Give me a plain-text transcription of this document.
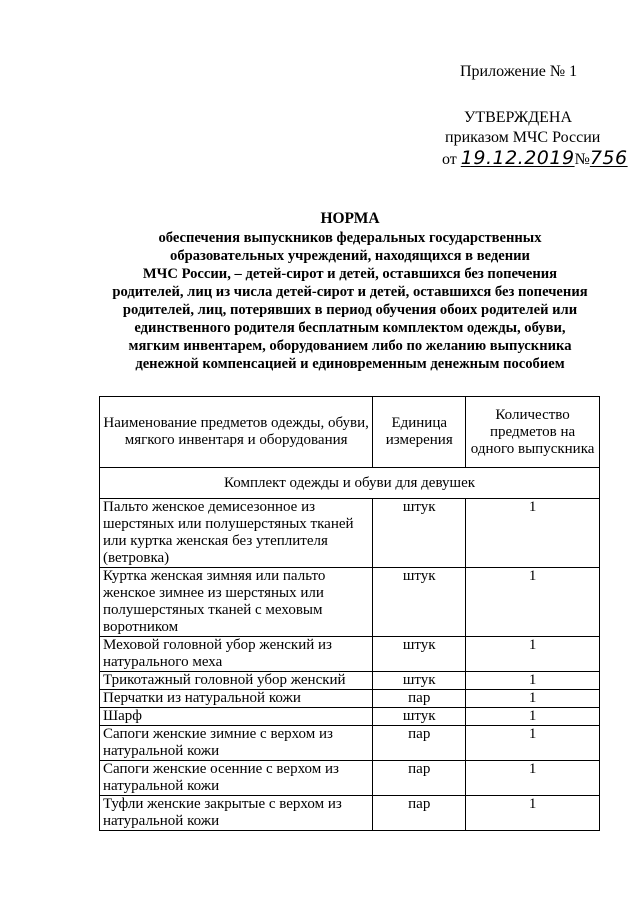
Приложение № 1
УТВЕРЖДЕНА
приказом МЧС России
от 19.12.2019№756
НОРМА
обеспечения выпускников федеральных государственных
образовательных учреждений, находящихся в ведении
МЧС России, – детей-сирот и детей, оставшихся без попечения
родителей, лиц из числа детей-сирот и детей, оставшихся без попечения
родителей, лиц, потерявших в период обучения обоих родителей или
единственного родителя бесплатным комплектом одежды, обуви,
мягким инвентарем, оборудованием либо по желанию выпускника
денежной компенсацией и единовременным денежным пособием
Наименование предметов одежды, обуви, мягкого инвентаря и оборудования	Единица измерения	Количество предметов на одного выпускника
Комплект одежды и обуви для девушек		
Пальто женское демисезонное из шерстяных или полушерстяных тканей или куртка женская без утеплителя (ветровка)	штук	1
Куртка женская зимняя или пальто женское зимнее из шерстяных или полушерстяных тканей с меховым воротником	штук	1
Меховой головной убор женский из натурального меха	штук	1
Трикотажный головной убор женский	штук	1
Перчатки из натуральной кожи	пар	1
Шарф	штук	1
Сапоги женские зимние с верхом из натуральной кожи	пар	1
Сапоги женские осенние с верхом из натуральной кожи	пар	1
Туфли женские закрытые с верхом из натуральной кожи	пар	1
